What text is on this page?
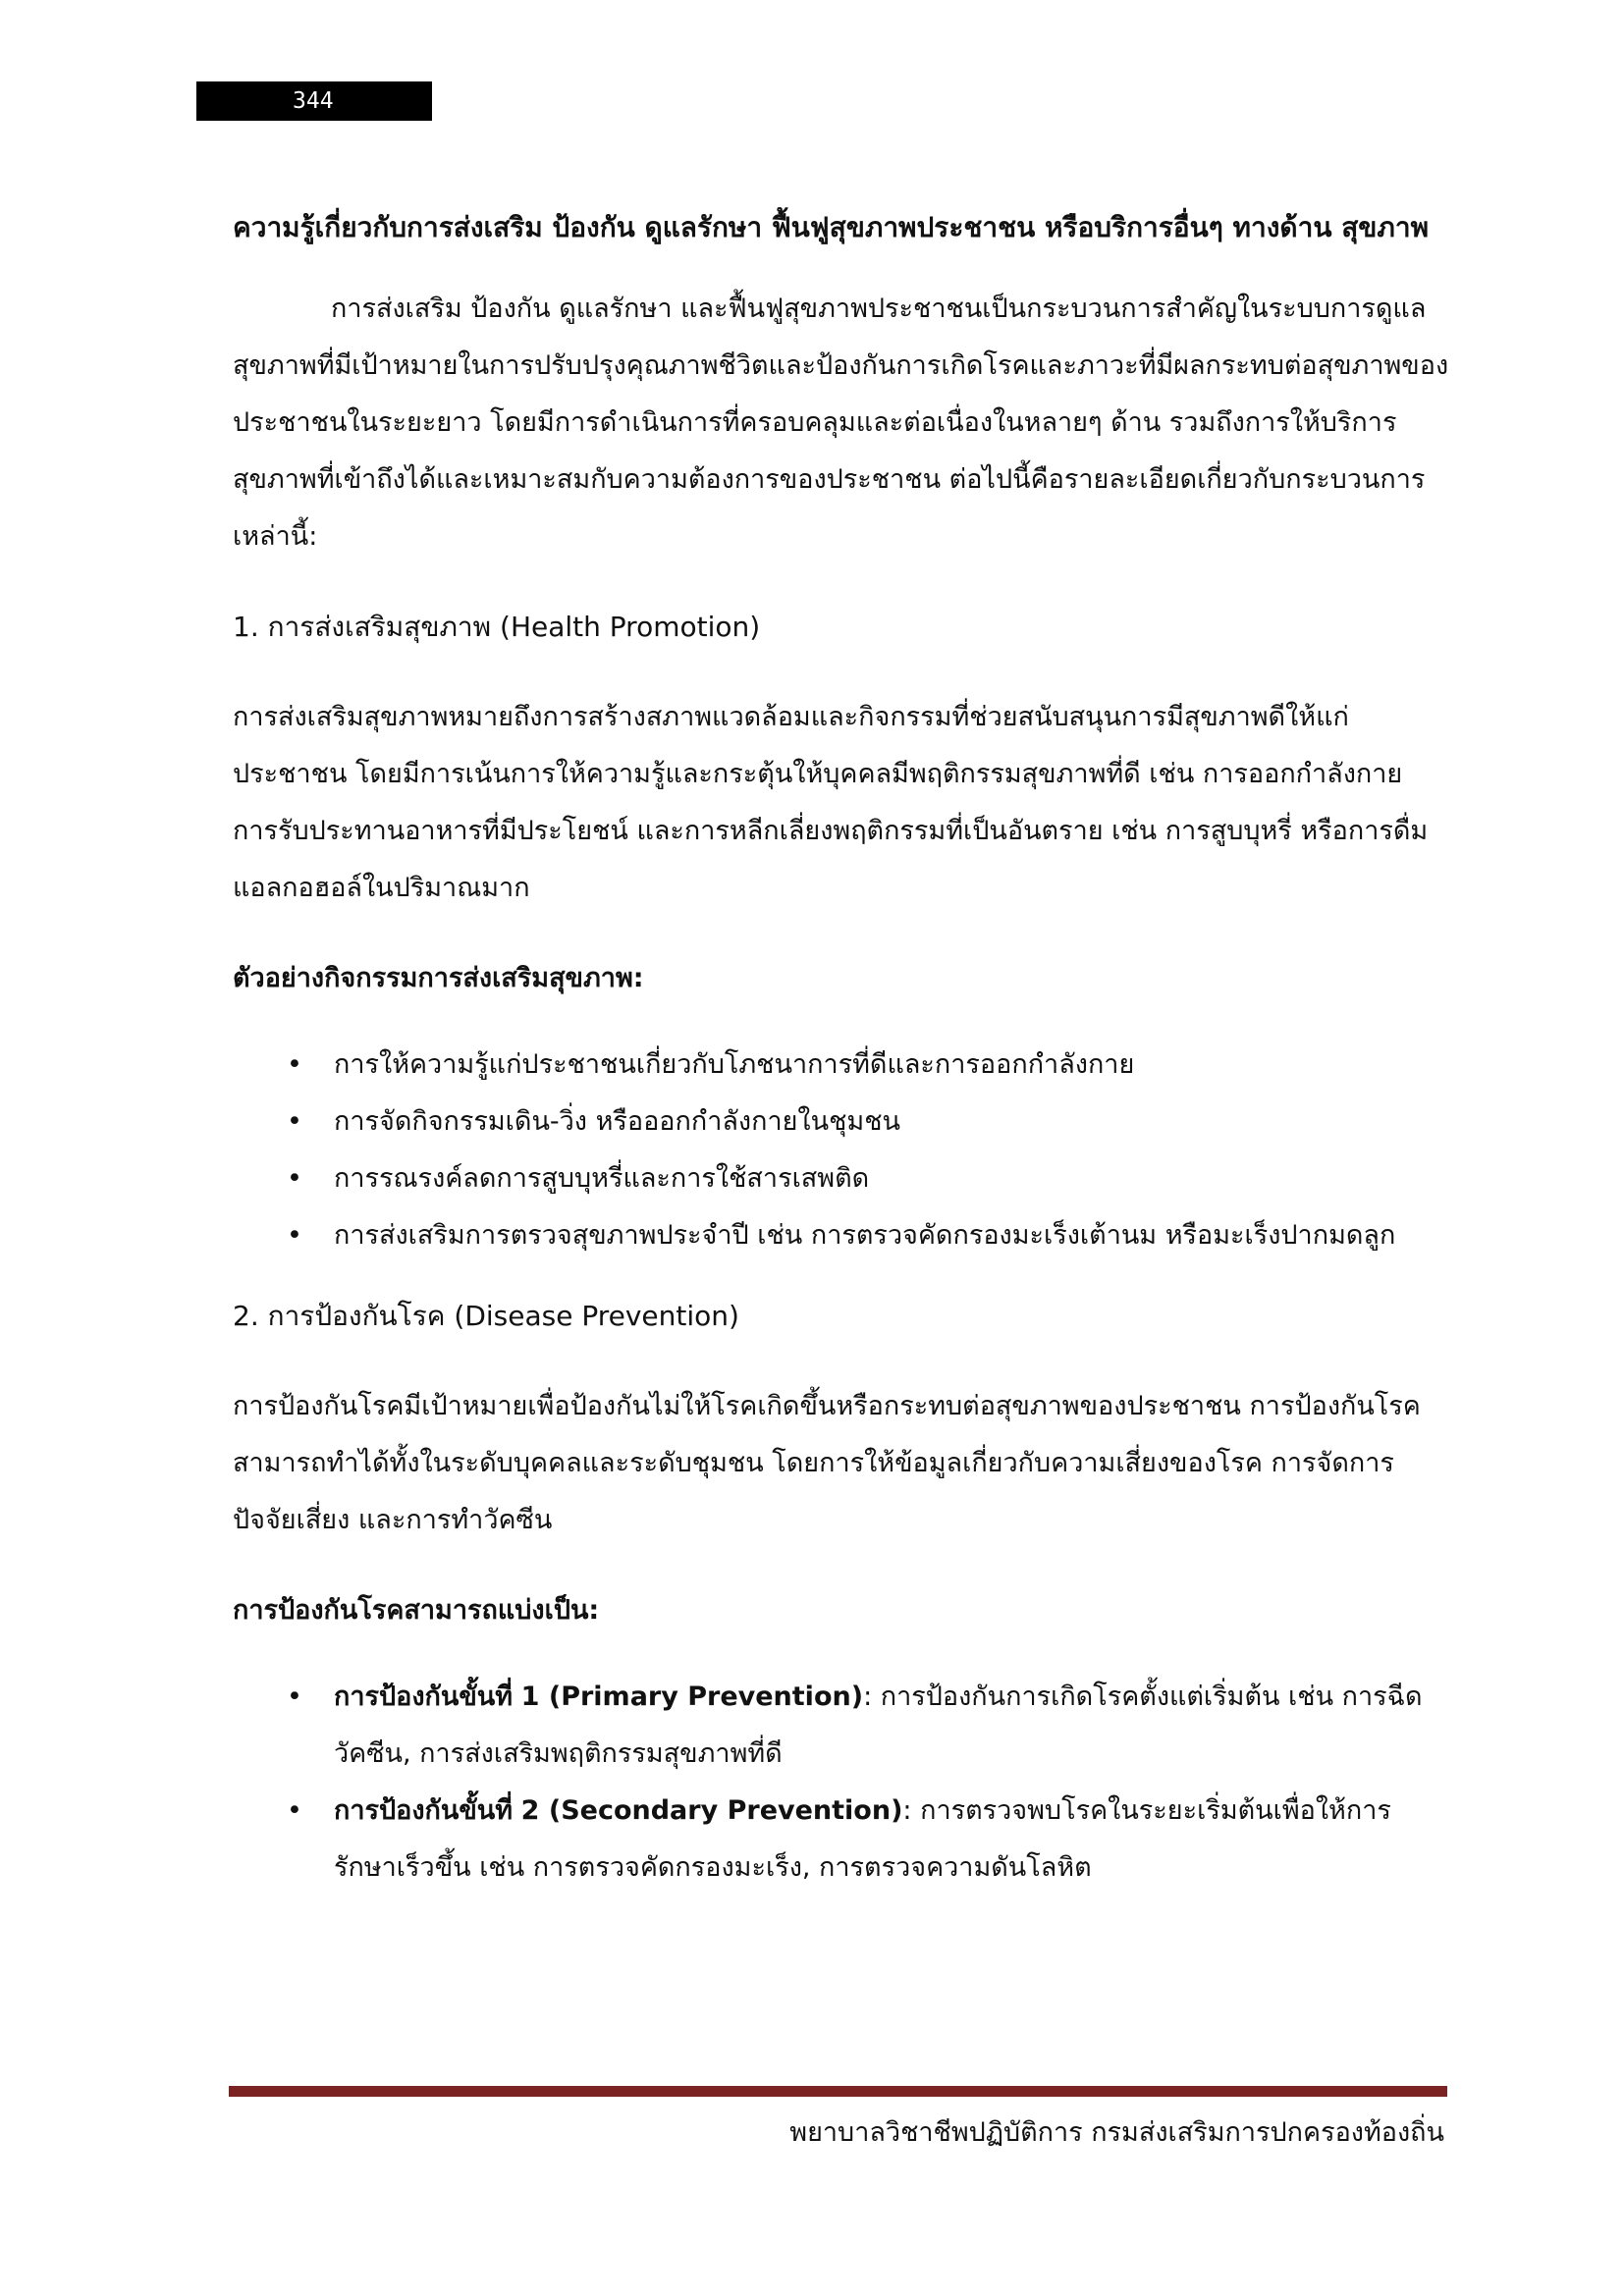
344
ความรู้เกี่ยวกับการส่งเสริม ป้องกัน ดูแลรักษา ฟื้นฟูสุขภาพประชาชน หรือบริการอื่นๆ ทางด้าน สุขภาพ

การส่งเสริม ป้องกัน ดูแลรักษา และฟื้นฟูสุขภาพประชาชนเป็นกระบวนการสำคัญในระบบการดูแลสุขภาพที่มีเป้าหมายในการปรับปรุงคุณภาพชีวิตและป้องกันการเกิดโรคและภาวะที่มีผลกระทบต่อสุขภาพของประชาชนในระยะยาว โดยมีการดำเนินการที่ครอบคลุมและต่อเนื่องในหลายๆ ด้าน รวมถึงการให้บริการสุขภาพที่เข้าถึงได้และเหมาะสมกับความต้องการของประชาชน ต่อไปนี้คือรายละเอียดเกี่ยวกับกระบวนการเหล่านี้:

1. การส่งเสริมสุขภาพ (Health Promotion)

การส่งเสริมสุขภาพหมายถึงการสร้างสภาพแวดล้อมและกิจกรรมที่ช่วยสนับสนุนการมีสุขภาพดีให้แก่ประชาชน โดยมีการเน้นการให้ความรู้และกระตุ้นให้บุคคลมีพฤติกรรมสุขภาพที่ดี เช่น การออกกำลังกาย การรับประทานอาหารที่มีประโยชน์ และการหลีกเลี่ยงพฤติกรรมที่เป็นอันตราย เช่น การสูบบุหรี่ หรือการดื่มแอลกอฮอล์ในปริมาณมาก

ตัวอย่างกิจกรรมการส่งเสริมสุขภาพ:

• การให้ความรู้แก่ประชาชนเกี่ยวกับโภชนาการที่ดีและการออกกำลังกาย
• การจัดกิจกรรมเดิน-วิ่ง หรือออกกำลังกายในชุมชน
• การรณรงค์ลดการสูบบุหรี่และการใช้สารเสพติด
• การส่งเสริมการตรวจสุขภาพประจำปี เช่น การตรวจคัดกรองมะเร็งเต้านม หรือมะเร็งปากมดลูก
2. การป้องกันโรค (Disease Prevention)

การป้องกันโรคมีเป้าหมายเพื่อป้องกันไม่ให้โรคเกิดขึ้นหรือกระทบต่อสุขภาพของประชาชน การป้องกันโรคสามารถทำได้ทั้งในระดับบุคคลและระดับชุมชน โดยการให้ข้อมูลเกี่ยวกับความเสี่ยงของโรค การจัดการปัจจัยเสี่ยง และการทำวัคซีน

การป้องกันโรคสามารถแบ่งเป็น:

• การป้องกันขั้นที่ 1 (Primary Prevention): การป้องกันการเกิดโรคตั้งแต่เริ่มต้น เช่น การฉีดวัคซีน, การส่งเสริมพฤติกรรมสุขภาพที่ดี
• การป้องกันขั้นที่ 2 (Secondary Prevention): การตรวจพบโรคในระยะเริ่มต้นเพื่อให้การรักษาเร็วขึ้น เช่น การตรวจคัดกรองมะเร็ง, การตรวจความดันโลหิต
พยาบาลวิชาชีพปฏิบัติการ กรมส่งเสริมการปกครองท้องถิ่น
